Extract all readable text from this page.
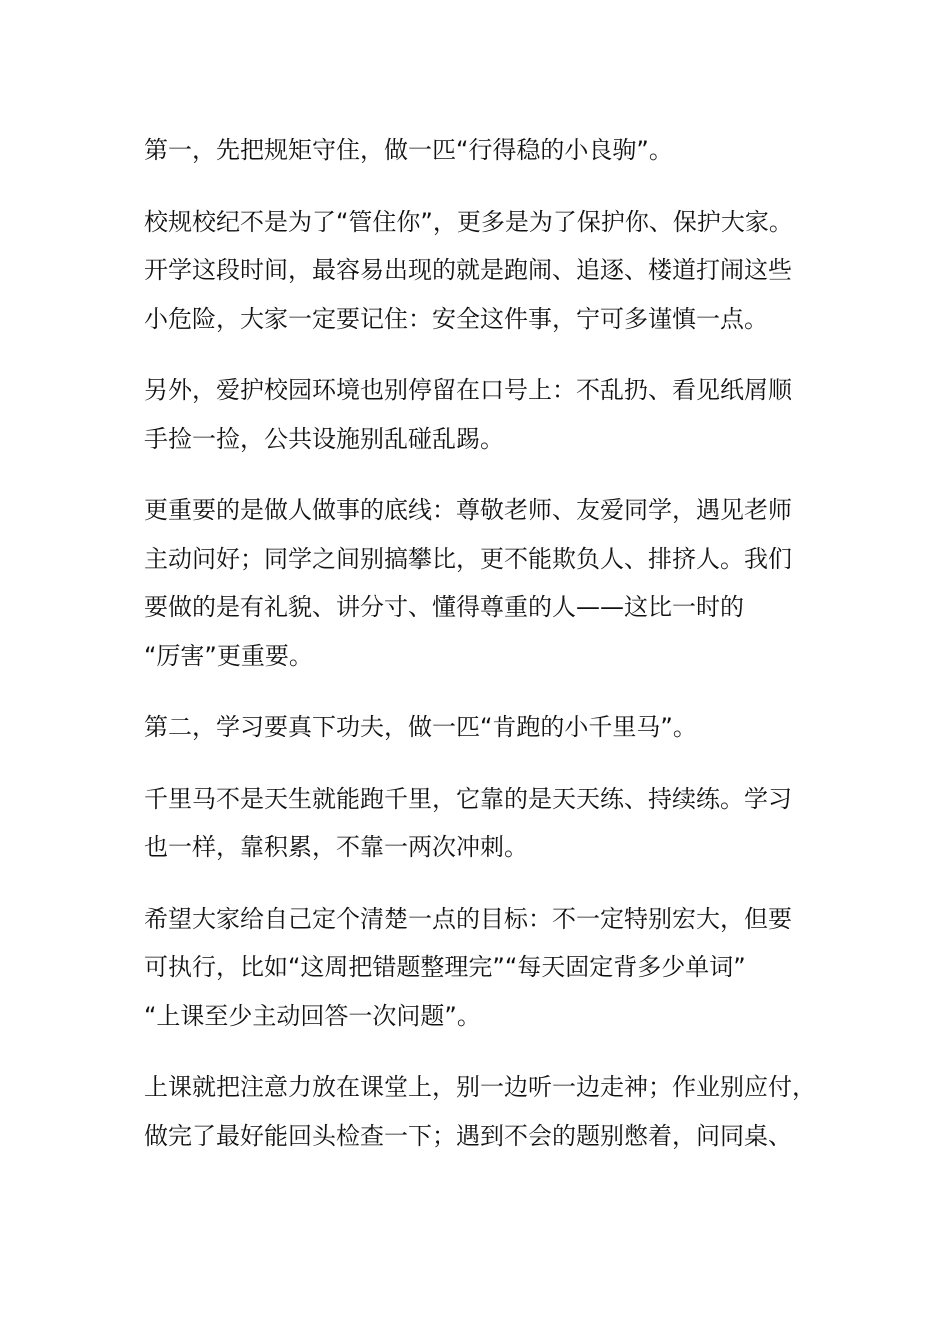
第一，先把规矩守住，做一匹“行得稳的小良驹”。

校规校纪不是为了“管住你”，更多是为了保护你、保护大家。
开学这段时间，最容易出现的就是跑闹、追逐、楼道打闹这些
小危险，大家一定要记住：安全这件事，宁可多谨慎一点。

另外，爱护校园环境也别停留在口号上：不乱扔、看见纸屑顺
手捡一捡，公共设施别乱碰乱踢。

更重要的是做人做事的底线：尊敬老师、友爱同学，遇见老师
主动问好；同学之间别搞攀比，更不能欺负人、排挤人。我们
要做的是有礼貌、讲分寸、懂得尊重的人——这比一时的
“厉害”更重要。

第二，学习要真下功夫，做一匹“肯跑的小千里马”。

千里马不是天生就能跑千里，它靠的是天天练、持续练。学习
也一样，靠积累，不靠一两次冲刺。

希望大家给自己定个清楚一点的目标：不一定特别宏大，但要
可执行，比如“这周把错题整理完”“每天固定背多少单词”
“上课至少主动回答一次问题”。

上课就把注意力放在课堂上，别一边听一边走神；作业别应付，
做完了最好能回头检查一下；遇到不会的题别憋着，问同桌、
